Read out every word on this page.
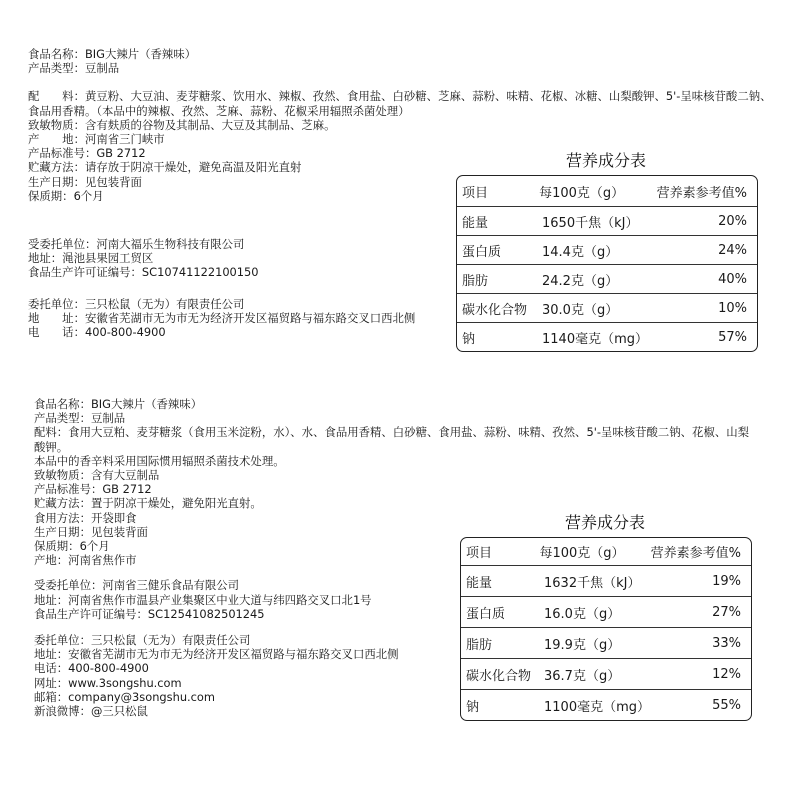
食品名称：BIG大辣片（香辣味）
产品类型：豆制品
配　　料：黄豆粉、大豆油、麦芽糖浆、饮用水、辣椒、孜然、食用盐、白砂糖、芝麻、蒜粉、味精、花椒、冰糖、山梨酸钾、5'-呈味核苷酸二钠、食品用香精。（本品中的辣椒、孜然、芝麻、蒜粉、花椒采用辐照杀菌处理）
致敏物质：含有麸质的谷物及其制品、大豆及其制品、芝麻。
产　　地：河南省三门峡市
产品标准号：GB 2712
贮藏方法：请存放于阴凉干燥处，避免高温及阳光直射
生产日期：见包装背面
保质期：6个月
受委托单位：河南大福乐生物科技有限公司
地址：渑池县果园工贸区
食品生产许可证编号：SC10741122100150
委托单位：三只松鼠（无为）有限责任公司
地　　址：安徽省芜湖市无为市无为经济开发区福贸路与福东路交叉口西北侧
电　　话：400-800-4900
营养成分表
项目	每100克（g）	营养素参考值%
能量	1650千焦（kJ）	20%
蛋白质	14.4克（g）	24%
脂肪	24.2克（g）	40%
碳水化合物	30.0克（g）	10%
钠	1140毫克（mg）	57%
食品名称：BIG大辣片（香辣味）
产品类型：豆制品
配料：食用大豆粕、麦芽糖浆（食用玉米淀粉，水）、水、食品用香精、白砂糖、食用盐、蒜粉、味精、孜然、5'-呈味核苷酸二钠、花椒、山梨酸钾。
本品中的香辛料采用国际惯用辐照杀菌技术处理。
致敏物质：含有大豆制品
产品标准号：GB 2712
贮藏方法：置于阴凉干燥处，避免阳光直射。
食用方法：开袋即食
生产日期：见包装背面
保质期：6个月
产地：河南省焦作市
受委托单位：河南省三健乐食品有限公司
地址：河南省焦作市温县产业集聚区中业大道与纬四路交叉口北1号
食品生产许可证编号：SC12541082501245
委托单位：三只松鼠（无为）有限责任公司
地址：安徽省芜湖市无为市无为经济开发区福贸路与福东路交叉口西北侧
电话：400-800-4900
网址：www.3songshu.com
邮箱：company@3songshu.com
新浪微博：@三只松鼠
营养成分表
项目	每100克（g）	营养素参考值%
能量	1632千焦（kJ）	19%
蛋白质	16.0克（g）	27%
脂肪	19.9克（g）	33%
碳水化合物 36.7克（g）	12%
钠	1100毫克（mg）	55%
